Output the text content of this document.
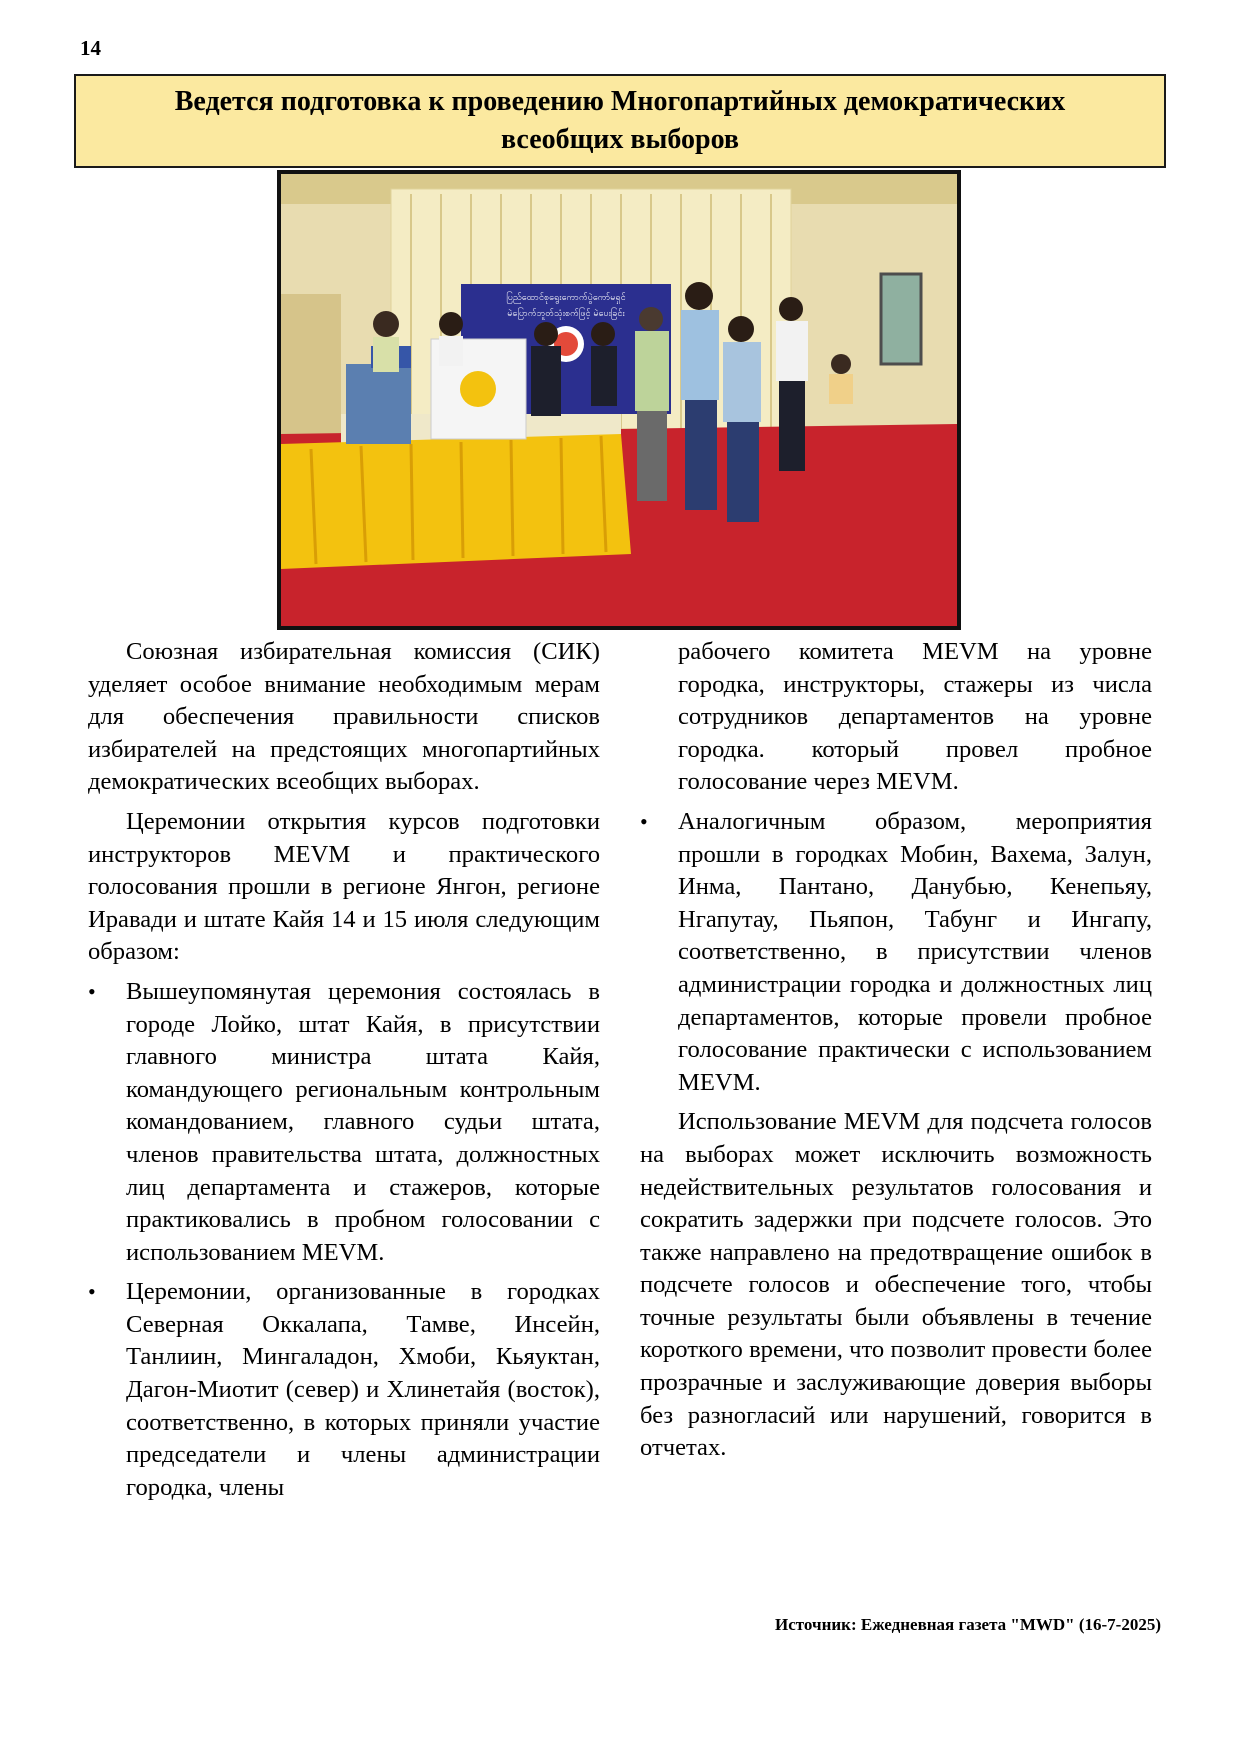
14
Ведется подготовка к проведению Многопартийных демократических всеобщих выборов
ပြည်ထောင်စုရွေးကောက်ပွဲကော်မရှင်
မဲပြောက်ဘူတ်သုံးစက်ဖြင့် မဲပေးခြင်း

Союзная избирательная комиссия (СИК) уделяет особое внимание необходимым мерам для обеспечения правильности списков избирателей на предстоящих многопартийных демократических всеобщих выборах.

Церемонии открытия курсов подготовки инструкторов MEVM и практического голосования прошли в регионе Янгон, регионе Иравади и штате Кайя 14 и 15 июля следующим образом:

• Вышеупомянутая церемония состоялась в городе Лойко, штат Кайя, в присутствии главного министра штата Кайя, командующего региональным контрольным командованием, главного судьи штата, членов правительства штата, должностных лиц департамента и стажеров, которые практиковались в пробном голосовании с использованием MEVM.
• Церемонии, организованные в городках Северная Оккалапа, Тамве, Инсейн, Танлиин, Мингаладон, Хмоби, Кьяуктан, Дагон-Миотит (север) и Хлинетайя (восток), соответственно, в которых приняли участие председатели и члены администрации городка, члены
рабочего комитета MEVM на уровне городка, инструкторы, стажеры из числа сотрудников департаментов на уровне городка. который провел пробное голосование через MEVM.
• Аналогичным образом, мероприятия прошли в городках Мобин, Вахема, Залун, Инма, Пантано, Данубью, Кенепьяу, Нгапутау, Пьяпон, Табунг и Ингапу, соответственно, в присутствии членов администрации городка и должностных лиц департаментов, которые провели пробное голосование практически с использованием MEVM.

Использование MEVM для подсчета голосов на выборах может исключить возможность недействительных результатов голосования и сократить задержки при подсчете голосов. Это также направлено на предотвращение ошибок в подсчете голосов и обеспечение того, чтобы точные результаты были объявлены в течение короткого времени, что позволит провести более прозрачные и заслуживающие доверия выборы без разногласий или нарушений, говорится в отчетах.

Источник: Ежедневная газета "MWD" (16-7-2025)
